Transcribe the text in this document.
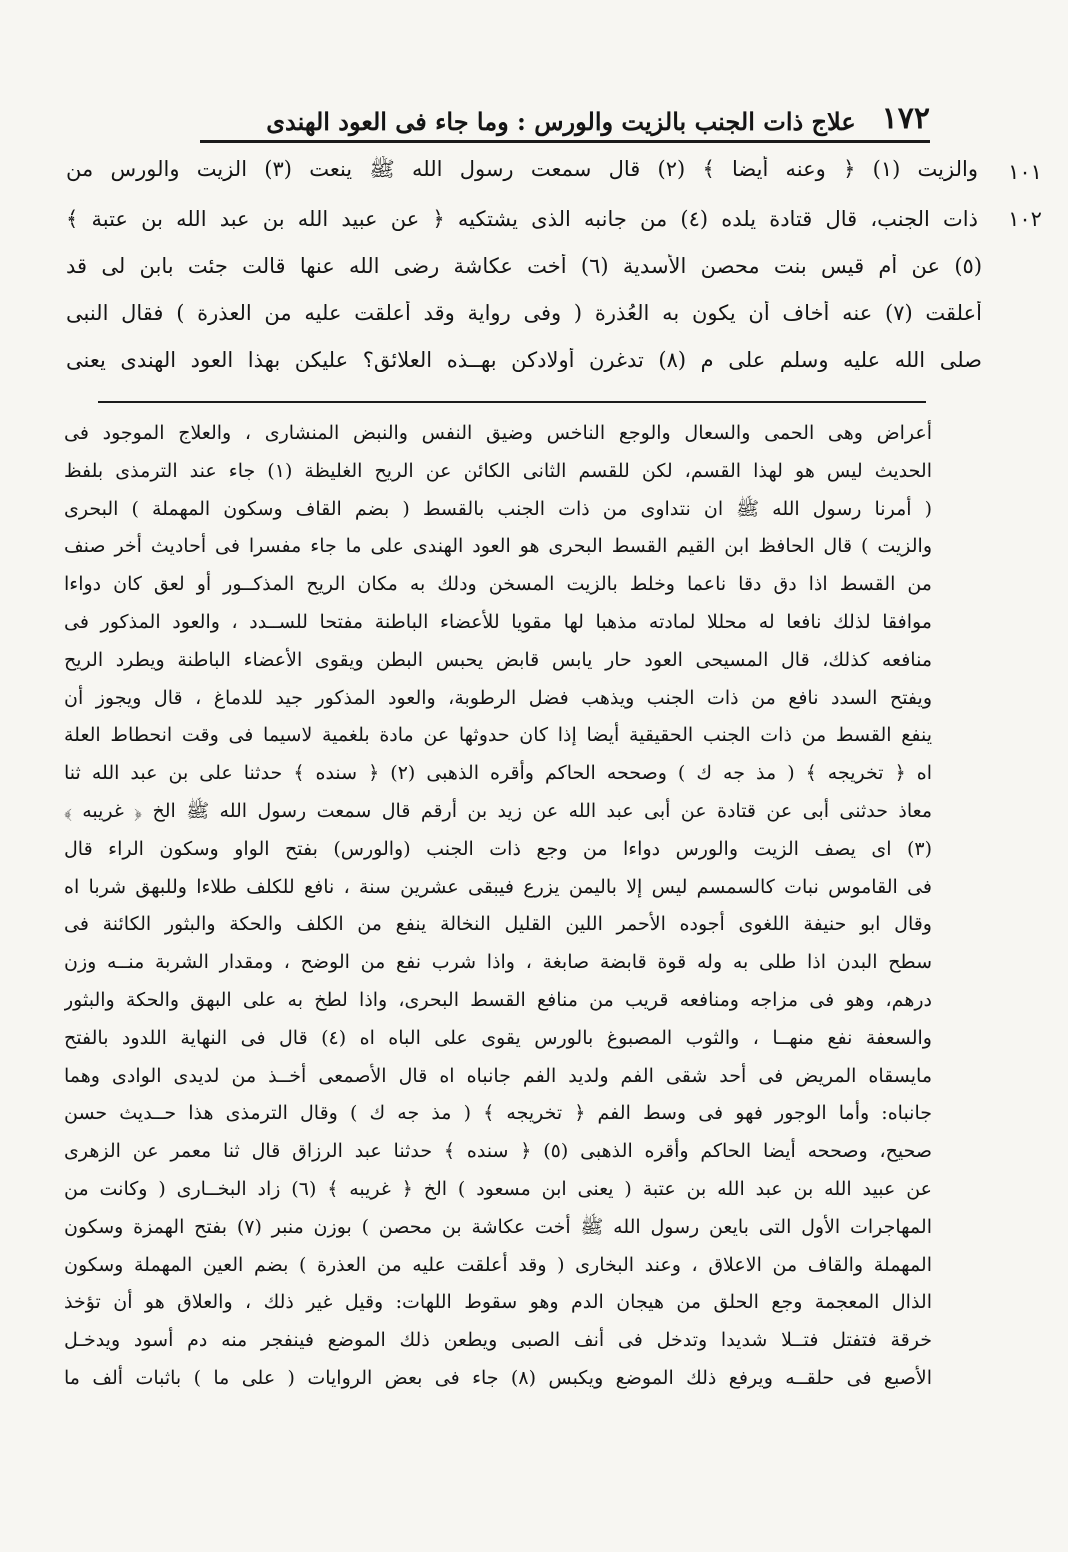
١٧٢
علاج ذات الجنب بالزيت والورس : وما جاء فى العود الهندى
١٠١
والزيت (١) ﴿ وعنه أيضا ﴾ (٢) قال سمعت رسول الله ﷺ ينعت (٣) الزيت والورس من
١٠٢
ذات الجنب، قال قتادة يلده (٤) من جانبه الذى يشتكيه ﴿ عن عبيد الله بن عبد الله بن عتبة ﴾
(٥) عن أم قيس بنت محصن الأسدية (٦) أخت عكاشة رضى الله عنها قالت جئت بابن لى قد
أعلقت (٧) عنه أخاف أن يكون به العُذرة ( وفى رواية وقد أعلقت عليه من العذرة ) فقال النبى
صلى الله عليه وسلم على م (٨) تدغرن أولادكن بهــذه العلائق؟ عليكن بهذا العود الهندى يعنى
أعراض وهى الحمى والسعال والوجع الناخس وضيق النفس والنبض المنشارى ، والعلاج الموجود فى
الحديث ليس هو لهذا القسم، لكن للقسم الثانى الكائن عن الريح الغليظة (١) جاء عند الترمذى بلفظ
( أمرنا رسول الله ﷺ ان نتداوى من ذات الجنب بالقسط ( بضم القاف وسكون المهملة ) البحرى
والزيت ) قال الحافظ ابن القيم القسط البحرى هو العود الهندى على ما جاء مفسرا فى أحاديث أخر صنف
من القسط اذا دق دقا ناعما وخلط بالزيت المسخن ودلك به مكان الريح المذكــور أو لعق كان دواءا
موافقا لذلك نافعا له محللا لمادته مذهبا لها مقويا للأعضاء الباطنة مفتحا للســدد ، والعود المذكور فى
منافعه كذلك، قال المسيحى العود حار يابس قابض يحبس البطن ويقوى الأعضاء الباطنة ويطرد الريح
ويفتح السدد نافع من ذات الجنب ويذهب فضل الرطوبة، والعود المذكور جيد للدماغ ، قال ويجوز أن
ينفع القسط من ذات الجنب الحقيقية أيضا إذا كان حدوثها عن مادة بلغمية لاسيما فى وقت انحطاط العلة
اه ﴿ تخريجه ﴾ ( مذ جه ك ) وصححه الحاكم وأقره الذهبى (٢) ﴿ سنده ﴾ حدثنا على بن عبد الله ثنا
معاذ حدثنى أبى عن قتادة عن أبى عبد الله عن زيد بن أرقم قال سمعت رسول الله ﷺ الخ ﴿ غريبه ﴾
(٣) اى يصف الزيت والورس دواءا من وجع ذات الجنب (والورس) بفتح الواو وسكون الراء قال
فى القاموس نبات كالسمسم ليس إلا باليمن يزرع فيبقى عشرين سنة ، نافع للكلف طلاءا وللبهق شربا اه
وقال ابو حنيفة اللغوى أجوده الأحمر اللين القليل النخالة ينفع من الكلف والحكة والبثور الكائنة فى
سطح البدن اذا طلى به وله قوة قابضة صابغة ، واذا شرب نفع من الوضح ، ومقدار الشربة منــه وزن
درهم، وهو فى مزاجه ومنافعه قريب من منافع القسط البحرى، واذا لطخ به على البهق والحكة والبثور
والسعفة نفع منهــا ، والثوب المصبوغ بالورس يقوى على الباه اه (٤) قال فى النهاية اللدود بالفتح
مايسقاه المريض فى أحد شقى الفم ولديد الفم جانباه اه قال الأصمعى أخــذ من لديدى الوادى وهما
جانباه: وأما الوجور فهو فى وسط الفم ﴿ تخريجه ﴾ ( مذ جه ك ) وقال الترمذى هذا حــديث حسن
صحيح، وصححه أيضا الحاكم وأقره الذهبى (٥) ﴿ سنده ﴾ حدثنا عبد الرزاق قال ثنا معمر عن الزهرى
عن عبيد الله بن عبد الله بن عتبة ( يعنى ابن مسعود ) الخ ﴿ غريبه ﴾ (٦) زاد البخــارى ( وكانت من
المهاجرات الأول التى بايعن رسول الله ﷺ أخت عكاشة بن محصن ) بوزن منبر (٧) بفتح الهمزة وسكون
المهملة والقاف من الاعلاق ، وعند البخارى ( وقد أعلقت عليه من العذرة ) بضم العين المهملة وسكون
الذال المعجمة وجع الحلق من هيجان الدم وهو سقوط اللهات: وقيل غير ذلك ، والعلاق هو أن تؤخذ
خرقة فتفتل فتــلا شديدا وتدخل فى أنف الصبى ويطعن ذلك الموضع فينفجر منه دم أسود ويدخـل
الأصبع فى حلقــه ويرفع ذلك الموضع ويكبس (٨) جاء فى بعض الروايات ( على ما ) باثبات ألف ما
